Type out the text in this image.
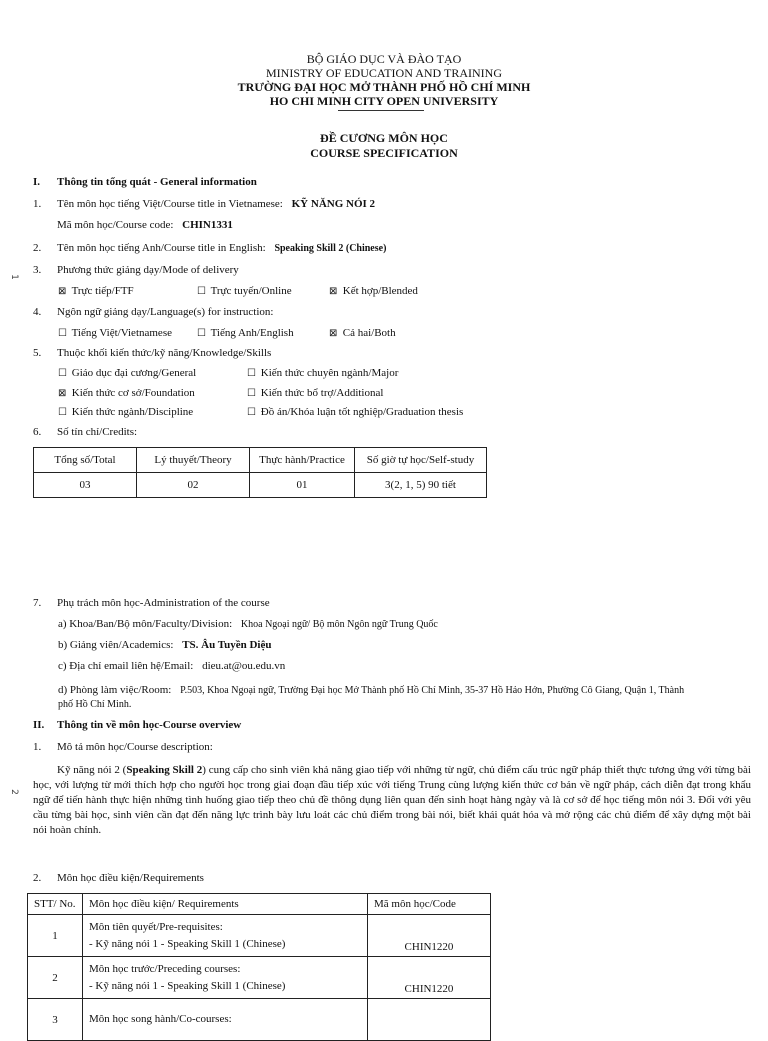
BỘ GIÁO DỤC VÀ ĐÀO TẠO
MINISTRY OF EDUCATION AND TRAINING
TRƯỜNG ĐẠI HỌC MỞ THÀNH PHỐ HỒ CHÍ MINH
HO CHI MINH CITY OPEN UNIVERSITY
ĐỀ CƯƠNG MÔN HỌC
COURSE SPECIFICATION
1
2
I. Thông tin tổng quát - General information
1. Tên môn học tiếng Việt/Course title in Vietnamese: KỸ NĂNG NÓI 2
Mã môn học/Course code: CHIN1331
2. Tên môn học tiếng Anh/Course title in English: Speaking Skill 2 (Chinese)
3. Phương thức giảng dạy/Mode of delivery
⊠ Trực tiếp/FTF	☐ Trực tuyến/Online	⊠ Kết hợp/Blended
4. Ngôn ngữ giảng dạy/Language(s) for instruction:
☐ Tiếng Việt/Vietnamese	☐ Tiếng Anh/English	⊠ Cả hai/Both
5. Thuộc khối kiến thức/kỹ năng/Knowledge/Skills
☐ Giáo dục đại cương/General	☐ Kiến thức chuyên ngành/Major
⊠ Kiến thức cơ sở/Foundation	☐ Kiến thức bổ trợ/Additional
☐ Kiến thức ngành/Discipline	☐ Đồ án/Khóa luận tốt nghiệp/Graduation thesis
6. Số tín chỉ/Credits:
Tổng số/Total	Lý thuyết/Theory	Thực hành/Practice	Số giờ tự học/Self-study
03	02	01	3(2, 1, 5) 90 tiết
7. Phụ trách môn học-Administration of the course
a) Khoa/Ban/Bộ môn/Faculty/Division: Khoa Ngoại ngữ/ Bộ môn Ngôn ngữ Trung Quốc
b) Giảng viên/Academics: TS. Âu Tuyền Diệu
c) Địa chỉ email liên hệ/Email: dieu.at@ou.edu.vn
d) Phòng làm việc/Room: P.503, Khoa Ngoại ngữ, Trường Đại học Mở Thành phố Hồ Chí Minh, 35-37 Hồ Hảo Hớn, Phường Cô Giang, Quận 1, Thành
phố Hồ Chí Minh.
II. Thông tin về môn học-Course overview
1. Mô tả môn học/Course description:
Kỹ năng nói 2 (Speaking Skill 2) cung cấp cho sinh viên khả năng giao tiếp với những từ ngữ, chủ điểm cấu trúc ngữ pháp thiết thực tương ứng với từng bài học, với lượng từ mới thích hợp cho người học trong giai đoạn đầu tiếp xúc với tiếng Trung cùng lượng kiến thức cơ bản về ngữ pháp, cách diễn đạt trong khẩu ngữ để tiến hành thực hiện những tình huống giao tiếp theo chủ đề thông dụng liên quan đến sinh hoạt hàng ngày và là cơ sở để học tiếng môn nói 3. Đối với yêu cầu từng bài học, sinh viên cần đạt đến năng lực trình bày lưu loát các chủ điểm trong bài nói, biết khái quát hóa và mở rộng các chủ điểm để xây dựng một bài nói hoàn chỉnh.
2. Môn học điều kiện/Requirements
STT/ No.	Môn học điều kiện/ Requirements	Mã môn học/Code
1	Môn tiên quyết/Pre-requisites:
- Kỹ năng nói 1 - Speaking Skill 1 (Chinese)	CHIN1220
2	Môn học trước/Preceding courses:
- Kỹ năng nói 1 - Speaking Skill 1 (Chinese)	CHIN1220
3	Môn học song hành/Co-courses:	
